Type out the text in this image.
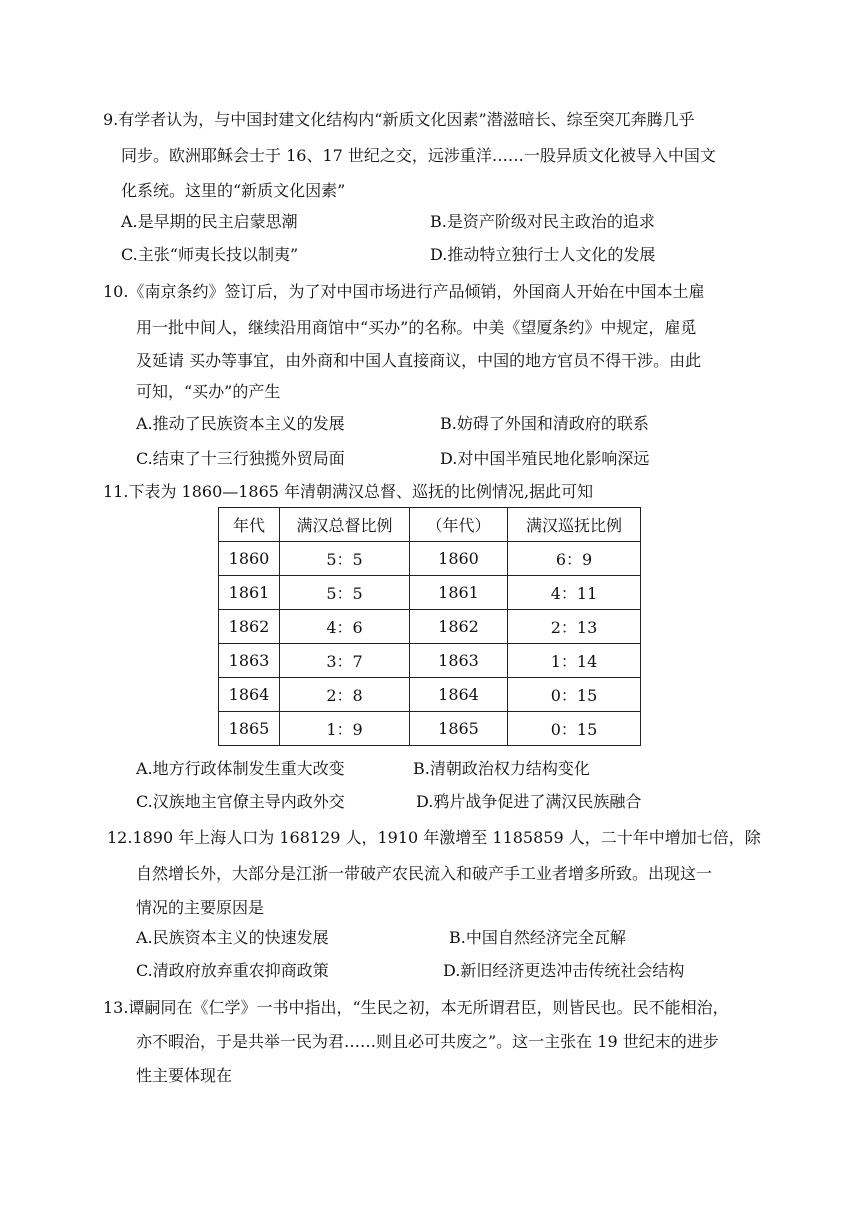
9.有学者认为，与中国封建文化结构内“新质文化因素”潜滋暗长、综至突兀奔腾几乎
同步。欧洲耶稣会士于 16、17 世纪之交，远涉重洋……一股异质文化被导入中国文
化系统。这里的“新质文化因素”
A.是早期的民主启蒙思潮	B.是资产阶级对民主政治的追求
C.主张“师夷长技以制夷”	D.推动特立独行士人文化的发展
10.《南京条约》签订后，为了对中国市场进行产品倾销，外国商人开始在中国本土雇
用一批中间人，继续沿用商馆中“买办”的名称。中美《望厦条约》中规定，雇觅
及延请 买办等事宜，由外商和中国人直接商议，中国的地方官员不得干涉。由此
可知，“买办”的产生
A.推动了民族资本主义的发展	B.妨碍了外国和清政府的联系
C.结束了十三行独揽外贸局面	D.对中国半殖民地化影响深远
11.下表为 1860—1865 年清朝满汉总督、巡抚的比例情况,据此可知
年代	满汉总督比例	（年代）	满汉巡抚比例
1860	5：5	1860	6：9
1861	5：5	1861	4：11
1862	4：6	1862	2：13
1863	3：7	1863	1：14
1864	2：8	1864	0：15
1865	1：9	1865	0：15
A.地方行政体制发生重大改变	B.清朝政治权力结构变化
C.汉族地主官僚主导内政外交	D.鸦片战争促进了满汉民族融合
12.1890 年上海人口为 168129 人，1910 年激增至 1185859 人，二十年中增加七倍，除
自然增长外，大部分是江浙一带破产农民流入和破产手工业者增多所致。出现这一
情况的主要原因是
A.民族资本主义的快速发展	B.中国自然经济完全瓦解
C.清政府放弃重农抑商政策	D.新旧经济更迭冲击传统社会结构
13.谭嗣同在《仁学》一书中指出，“生民之初，本无所谓君臣，则皆民也。民不能相治，
亦不暇治，于是共举一民为君……则且必可共废之”。这一主张在 19 世纪末的进步
性主要体现在
